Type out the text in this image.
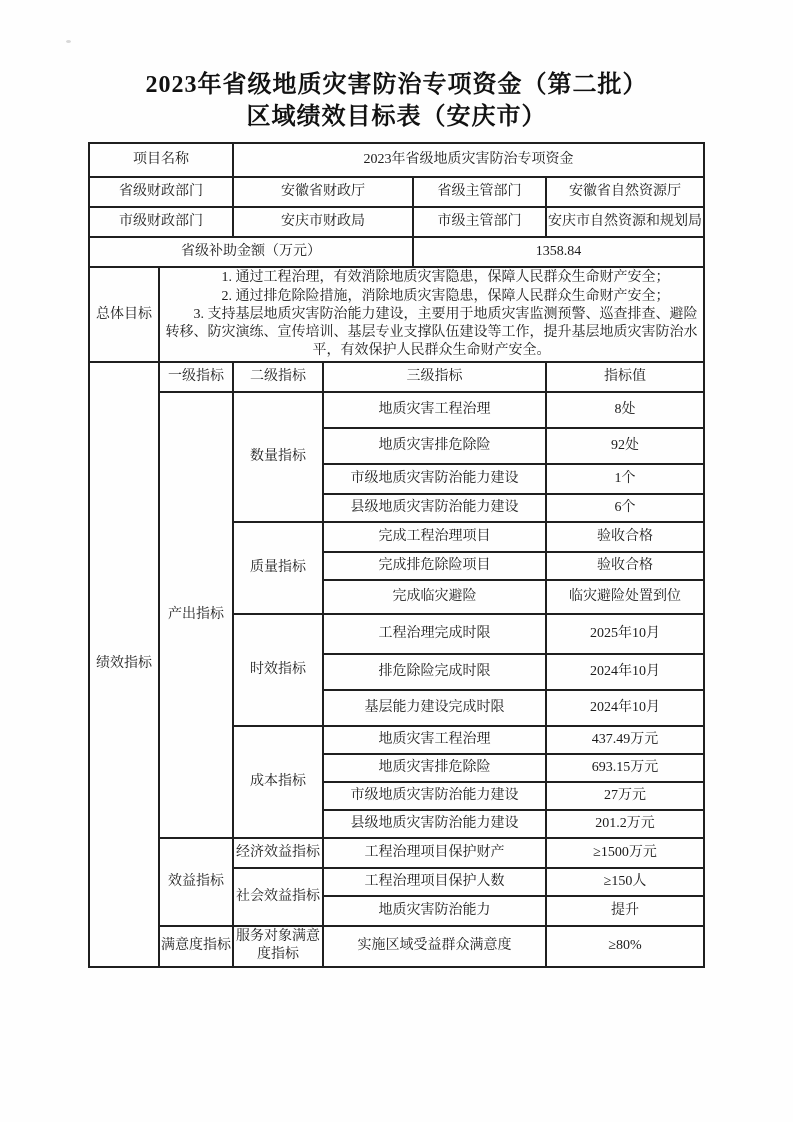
2023年省级地质灾害防治专项资金（第二批）
区域绩效目标表（安庆市）
项目名称		2023年省级地质灾害防治专项资金			
省级财政部门		安徽省财政厅		省级主管部门	安徽省自然资源厅
市级财政部门		安庆市财政局		市级主管部门	安庆市自然资源和规划局
省级补助金额（万元）				1358.84	
总体目标	1. 通过工程治理，有效消除地质灾害隐患，保障人民群众生命财产安全；
2. 通过排危除险措施，消除地质灾害隐患，保障人民群众生命财产安全；
3. 支持基层地质灾害防治能力建设，主要用于地质灾害监测预警、巡查排查、避险转移、防灾演练、宣传培训、基层专业支撑队伍建设等工作，提升基层地质灾害防治水平，有效保护人民群众生命财产安全。				

绩效指标	一级指标	二级指标	三级指标		指标值
	产出指标	数量指标	地质灾害工程治理		8处
			地质灾害排危除险		92处
			市级地质灾害防治能力建设		1个
			县级地质灾害防治能力建设		6个
		质量指标	完成工程治理项目		验收合格
			完成排危除险项目		验收合格
			完成临灾避险		临灾避险处置到位
		时效指标	工程治理完成时限		2025年10月
			排危除险完成时限		2024年10月
			基层能力建设完成时限		2024年10月
		成本指标	地质灾害工程治理		437.49万元
			地质灾害排危除险		693.15万元
			市级地质灾害防治能力建设		27万元
			县级地质灾害防治能力建设		201.2万元
	效益指标	经济效益指标	工程治理项目保护财产		≥1500万元
		社会效益指标	工程治理项目保护人数		≥150人
			地质灾害防治能力		提升
	满意度指标	服务对象满意度指标	实施区域受益群众满意度		≥80%
